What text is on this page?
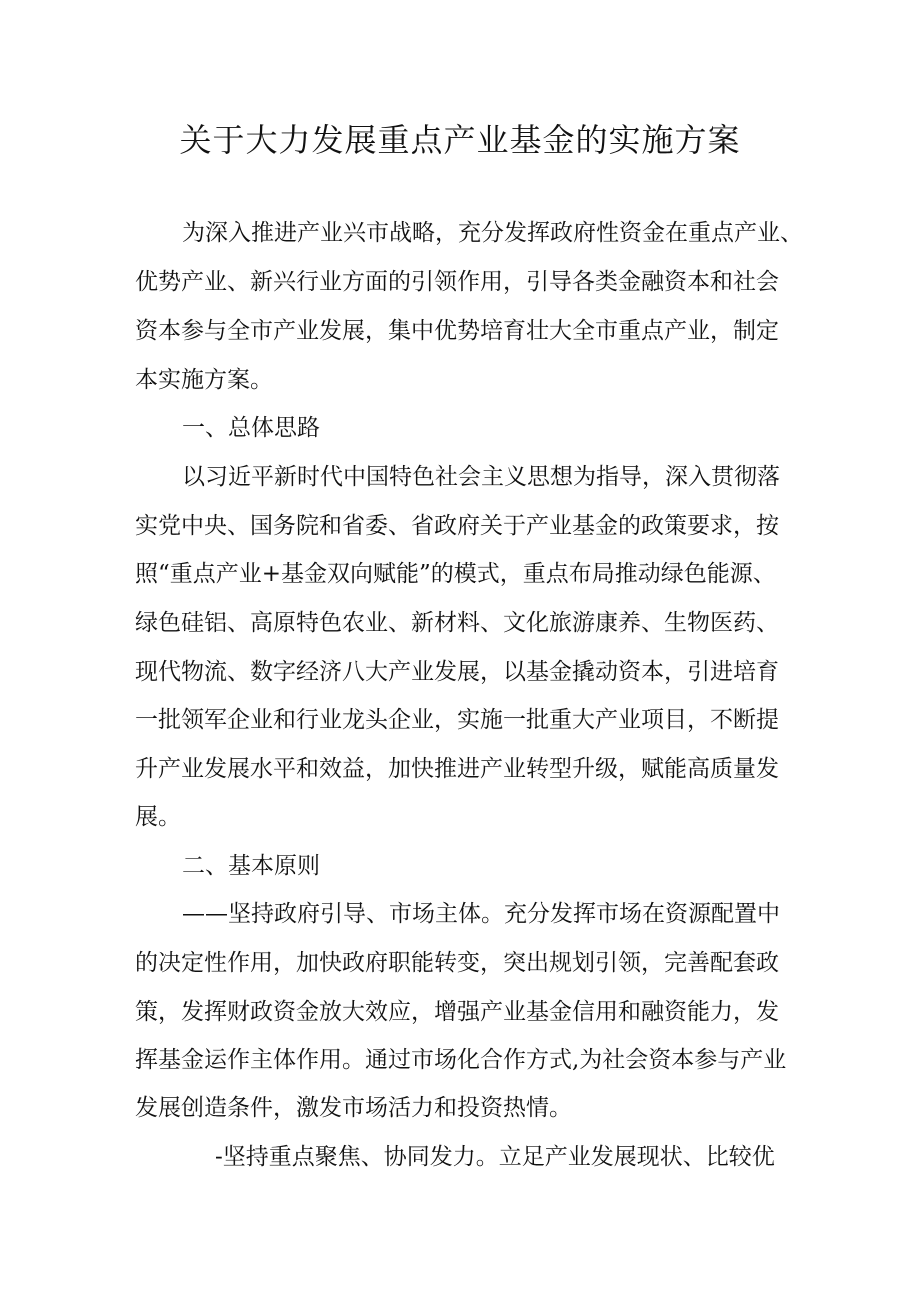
关于大力发展重点产业基金的实施方案
为深入推进产业兴市战略，充分发挥政府性资金在重点产业、
优势产业、新兴行业方面的引领作用，引导各类金融资本和社会
资本参与全市产业发展，集中优势培育壮大全市重点产业，制定
本实施方案。
一、总体思路
以习近平新时代中国特色社会主义思想为指导，深入贯彻落
实党中央、国务院和省委、省政府关于产业基金的政策要求，按
照“重点产业+基金双向赋能”的模式，重点布局推动绿色能源、
绿色硅铝、高原特色农业、新材料、文化旅游康养、生物医药、
现代物流、数字经济八大产业发展，以基金撬动资本，引进培育
一批领军企业和行业龙头企业，实施一批重大产业项目，不断提
升产业发展水平和效益，加快推进产业转型升级，赋能高质量发
展。
二、基本原则
——坚持政府引导、市场主体。充分发挥市场在资源配置中
的决定性作用，加快政府职能转变，突出规划引领，完善配套政
策，发挥财政资金放大效应，增强产业基金信用和融资能力，发
挥基金运作主体作用。通过市场化合作方式,为社会资本参与产业
发展创造条件，激发市场活力和投资热情。
-坚持重点聚焦、协同发力。立足产业发展现状、比较优
